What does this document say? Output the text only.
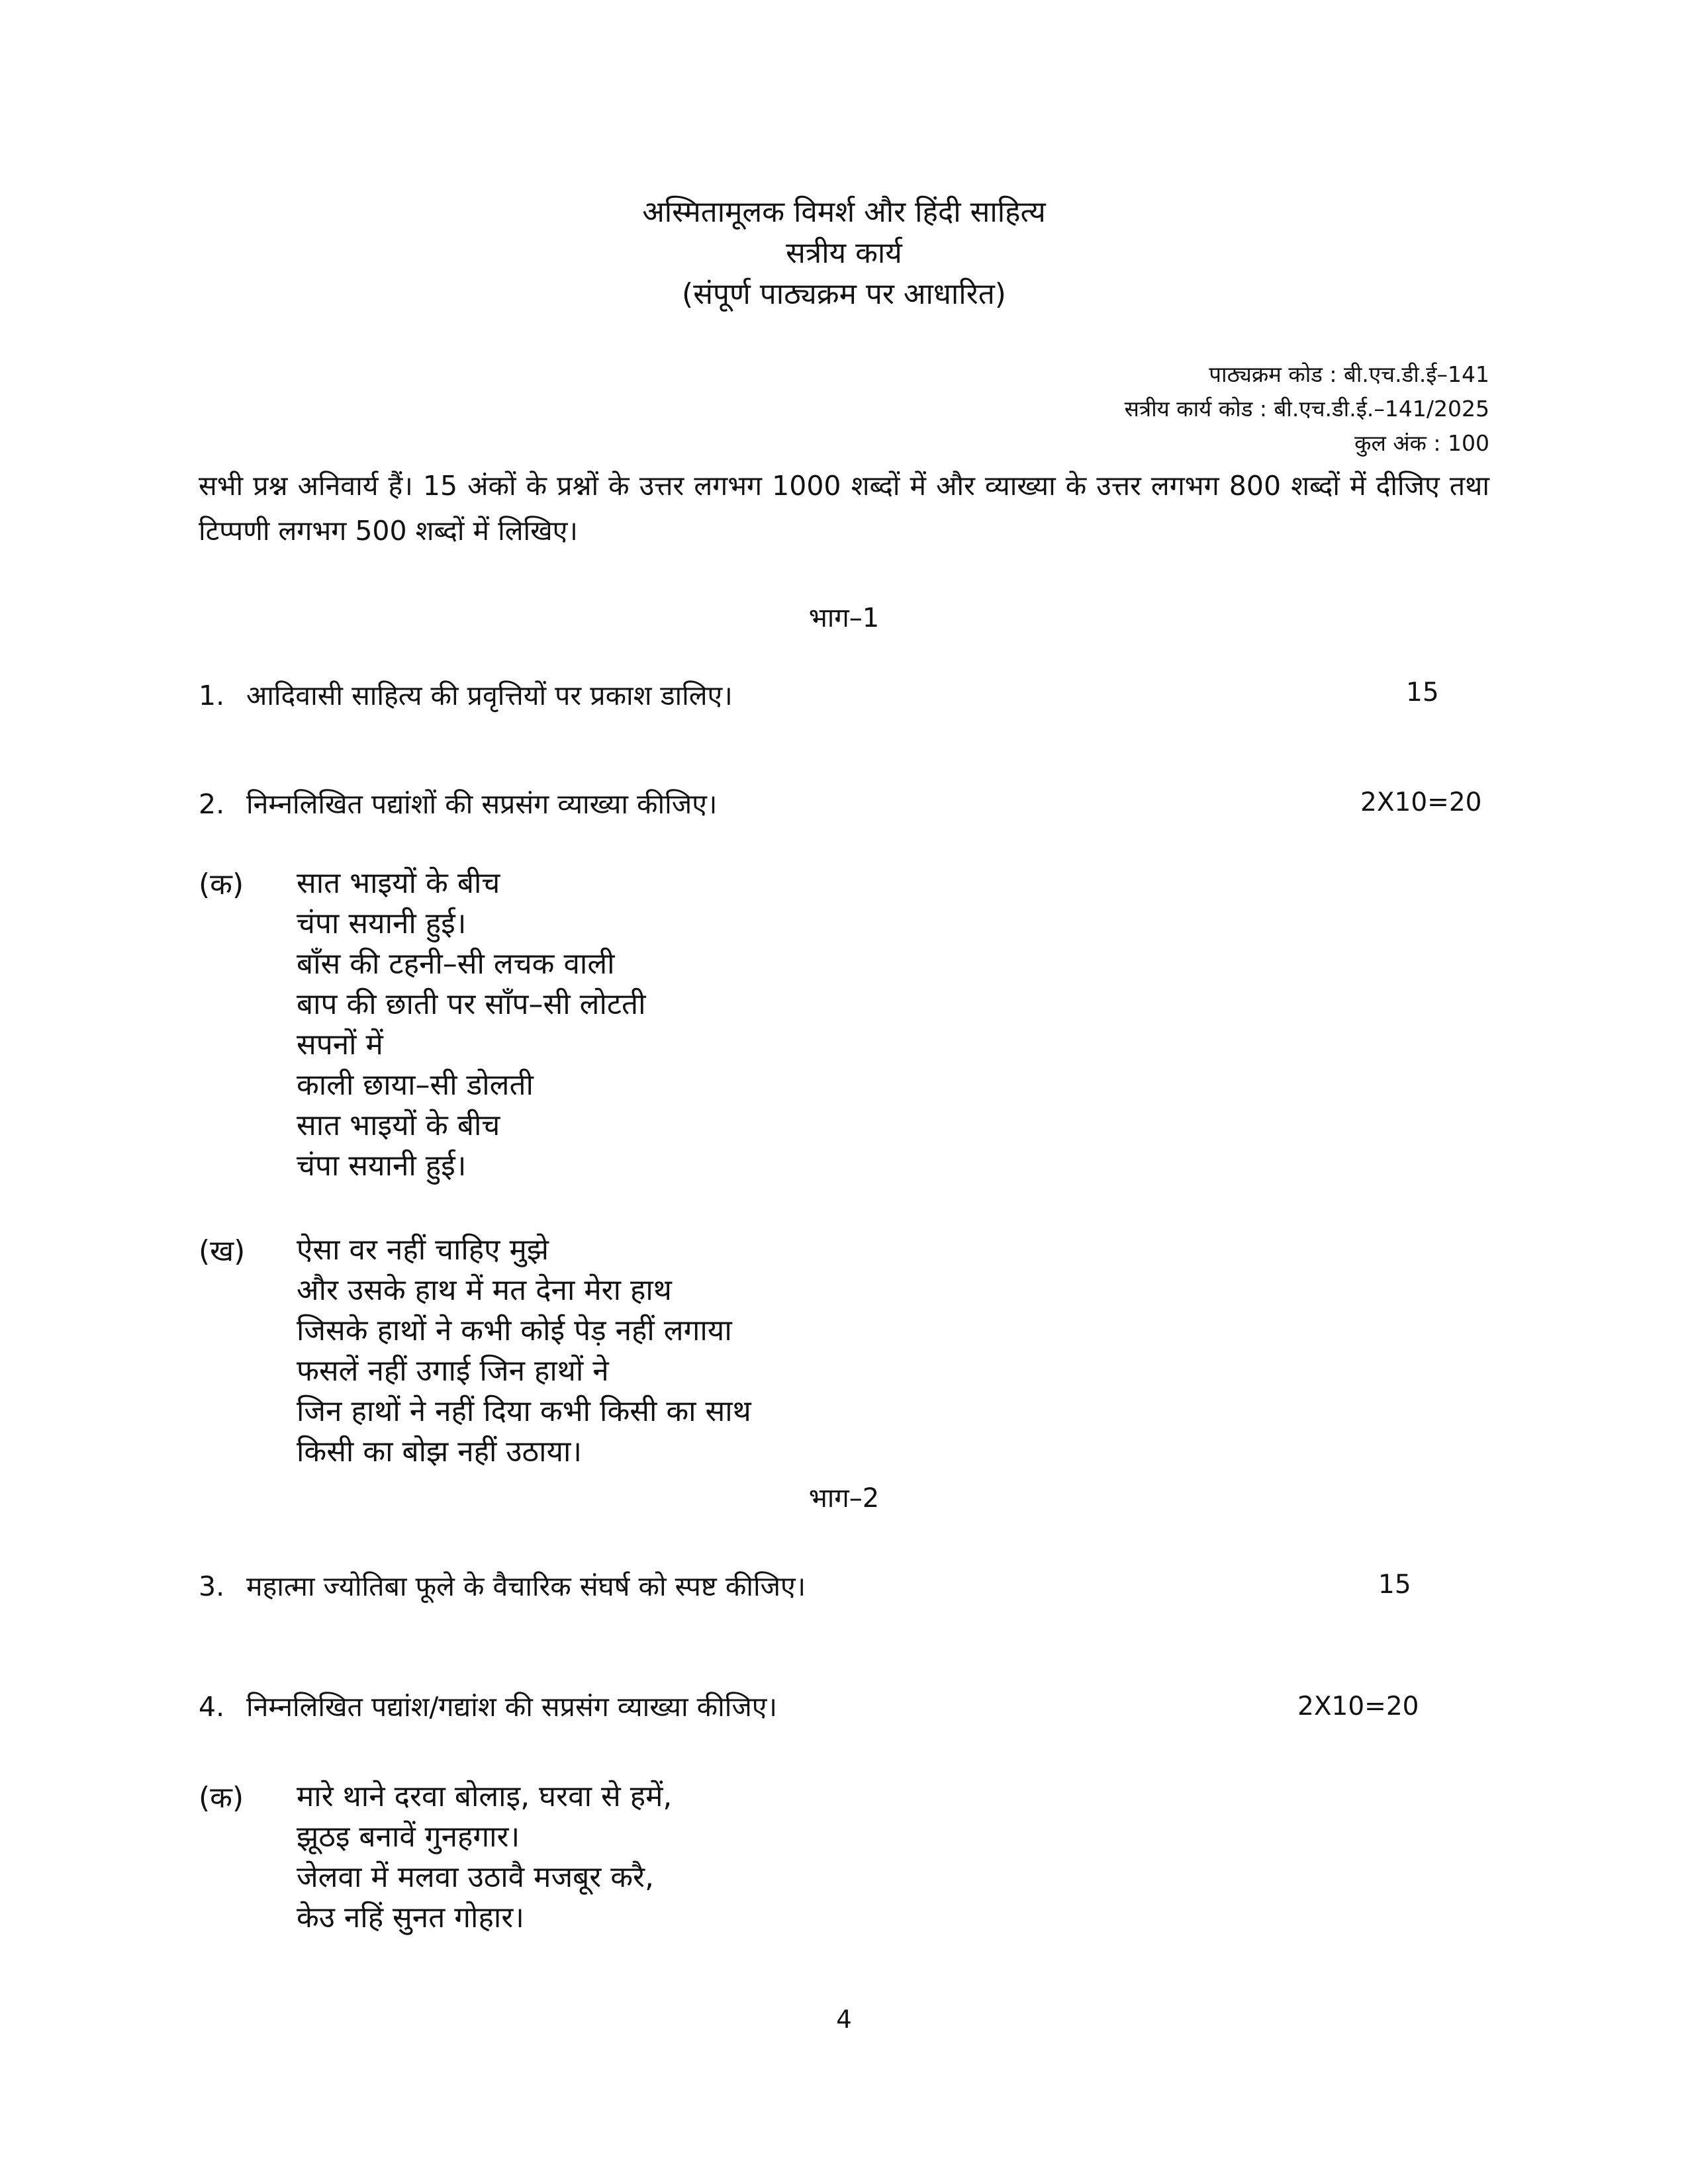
अस्मितामूलक विमर्श और हिंदी साहित्य
सत्रीय कार्य
(संपूर्ण पाठ्यक्रम पर आधारित)
पाठ्यक्रम कोड : बी.एच.डी.ई–141
सत्रीय कार्य कोड : बी.एच.डी.ई.–141/2025
कुल अंक : 100
सभी प्रश्न अनिवार्य हैं। 15 अंकों के प्रश्नों के उत्तर लगभग 1000 शब्दों में और व्याख्या के उत्तर लगभग 800 शब्दों में दीजिए तथा टिप्पणी लगभग 500 शब्दों में लिखिए।
भाग–1
1. आदिवासी साहित्य की प्रवृत्तियों पर प्रकाश डालिए।	15
2. निम्नलिखित पद्यांशों की सप्रसंग व्याख्या कीजिए।	2X10=20
(क) सात भाइयों के बीच
चंपा सयानी हुई।
बाँस की टहनी–सी लचक वाली
बाप की छाती पर साँप–सी लोटती
सपनों में
काली छाया–सी डोलती
सात भाइयों के बीच
चंपा सयानी हुई।
(ख) ऐसा वर नहीं चाहिए मुझे
और उसके हाथ में मत देना मेरा हाथ
जिसके हाथों ने कभी कोई पेड़ नहीं लगाया
फसलें नहीं उगाई जिन हाथों ने
जिन हाथों ने नहीं दिया कभी किसी का साथ
किसी का बोझ नहीं उठाया।
भाग–2
3. महात्मा ज्योतिबा फूले के वैचारिक संघर्ष को स्पष्ट कीजिए।	15
4. निम्नलिखित पद्यांश/गद्यांश की सप्रसंग व्याख्या कीजिए।	2X10=20
(क) मारे थाने दरवा बोलाइ, घरवा से हमें,
झूठइ बनावें गुनहगार।
जेलवा में मलवा उठावै मजबूर करै,
केउ नहिं सुनत गोहार।
4
